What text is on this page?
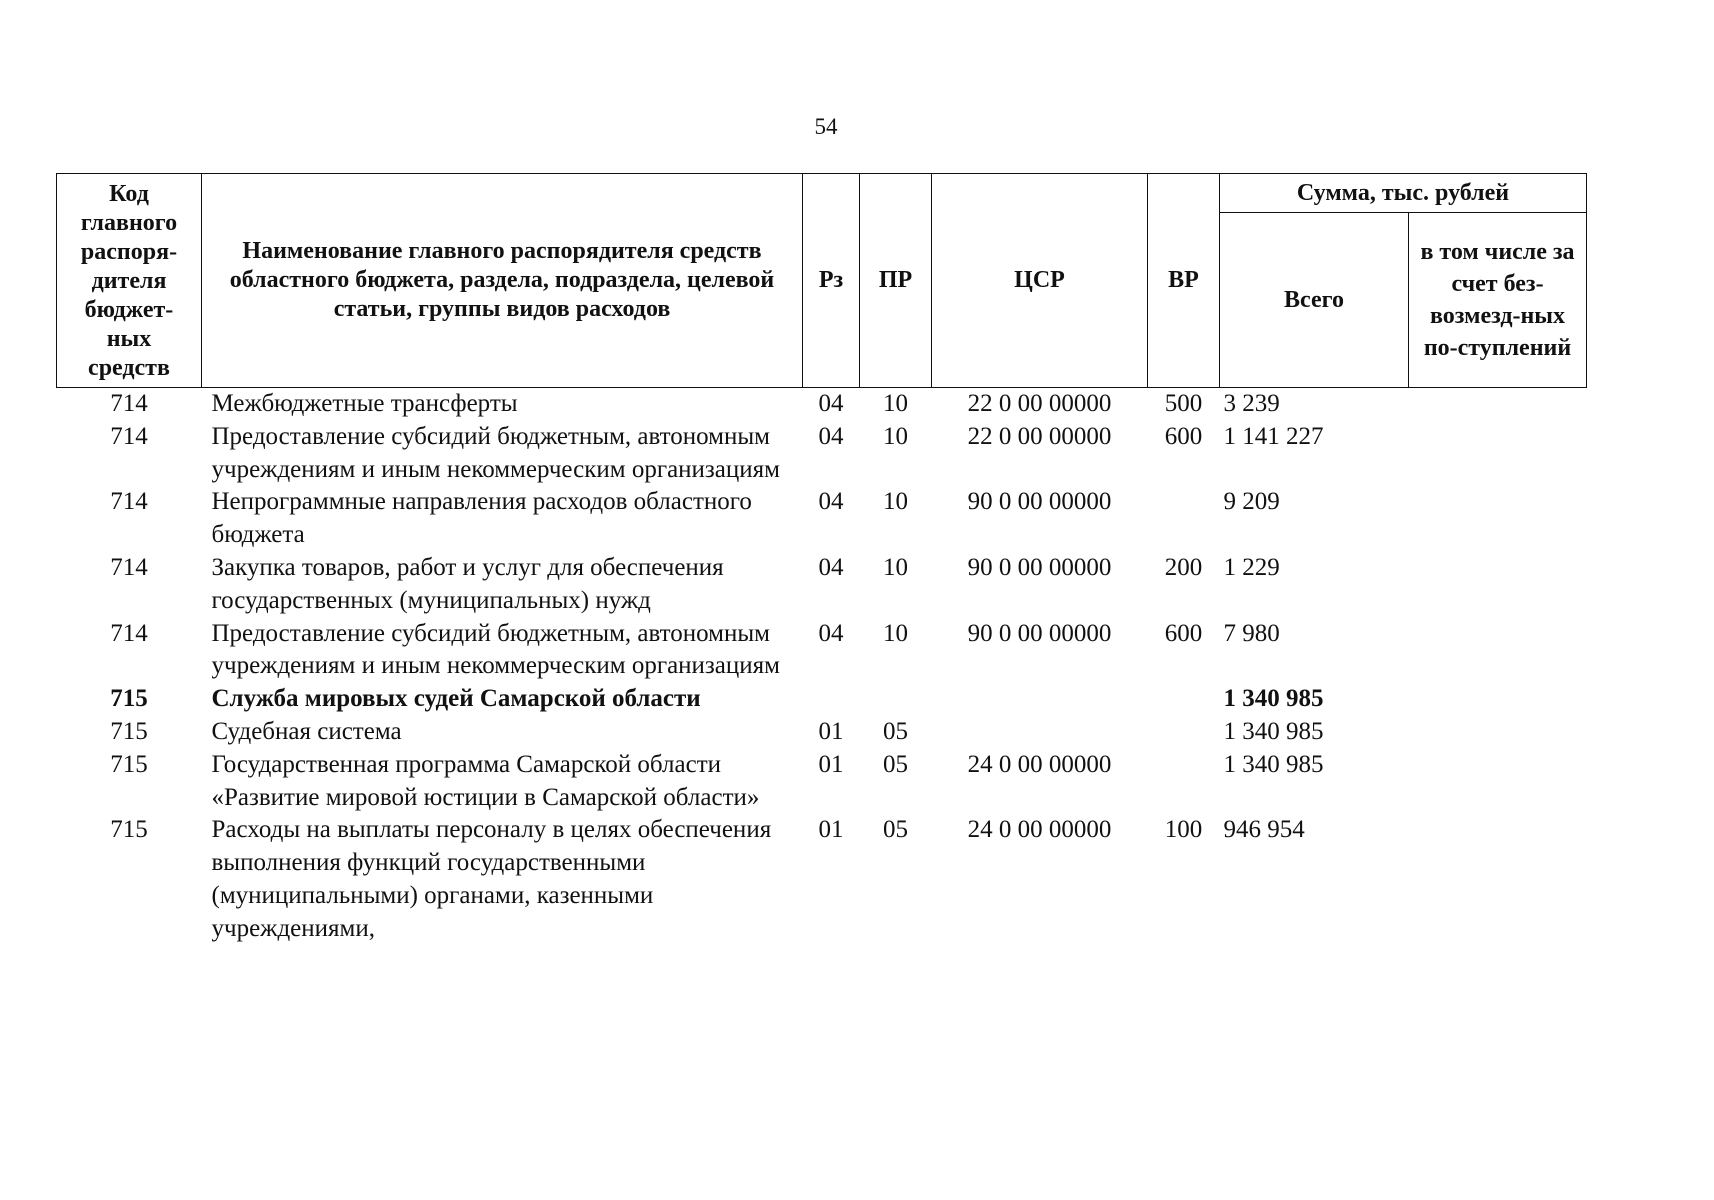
54
Код главного распоря-дителя бюджет-ных средств	Наименование главного распорядителя средств областного бюджета, раздела, подраздела, целевой статьи, группы видов расходов	Рз	ПР	ЦСР	ВР	Сумма, тыс. рублей	
						Всего	в том числе за счет без-возмезд-ных по-ступлений
714	Межбюджетные трансферты	04	10	22 0 00 00000	500	3 239	
714	Предоставление субсидий бюджетным, автономным учреждениям и иным некоммерческим организациям	04	10	22 0 00 00000	600	1 141 227	
714	Непрограммные направления расходов областного бюджета	04	10	90 0 00 00000		9 209	
714	Закупка товаров, работ и услуг для обеспечения государственных (муниципальных) нужд	04	10	90 0 00 00000	200	1 229	
714	Предоставление субсидий бюджетным, автономным учреждениям и иным некоммерческим организациям	04	10	90 0 00 00000	600	7 980	
715	Служба мировых судей Самарской области					1 340 985	
715	Судебная система	01	05			1 340 985	
715	Государственная программа Самарской области «Развитие мировой юстиции в Самарской области»	01	05	24 0 00 00000		1 340 985	
715	Расходы на выплаты персоналу в целях обеспечения выполнения функций государственными (муниципальными) органами, казенными учреждениями,	01	05	24 0 00 00000	100	946 954	
